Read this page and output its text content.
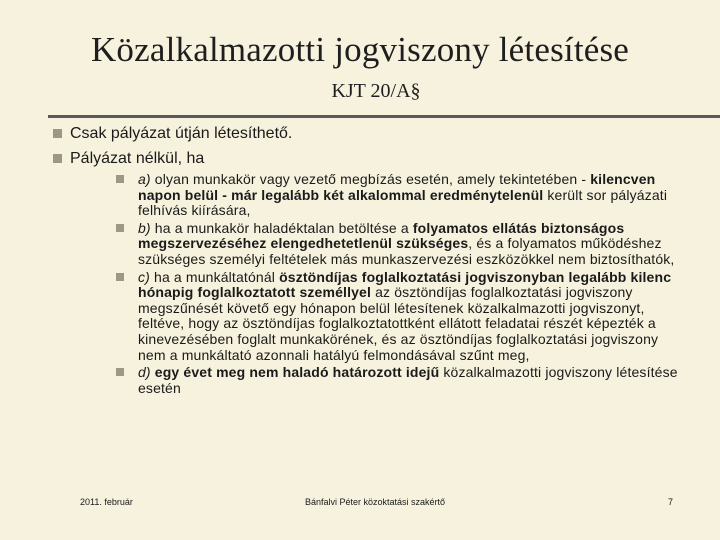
Közalkalmazotti jogviszony létesítése
KJT 20/A§
Csak pályázat útján létesíthető.
Pályázat nélkül, ha
a) olyan munkakör vagy vezető megbízás esetén, amely tekintetében - kilencven napon belül - már legalább két alkalommal eredménytelenül került sor pályázati felhívás kiírására,
b) ha a munkakör haladéktalan betöltése a folyamatos ellátás biztonságos megszervezéséhez elengedhetetlenül szükséges, és a folyamatos működéshez szükséges személyi feltételek más munkaszervezési eszközökkel nem biztosíthatók,
c) ha a munkáltatónál ösztöndíjas foglalkoztatási jogviszonyban legalább kilenc hónapig foglalkoztatott személlyel az ösztöndíjas foglalkoztatási jogviszony megszűnését követő egy hónapon belül létesítenek közalkalmazotti jogviszonyt, feltéve, hogy az ösztöndíjas foglalkoztatottként ellátott feladatai részét képezték a kinevezésében foglalt munkakörének, és az ösztöndíjas foglalkoztatási jogviszony nem a munkáltató azonnali hatályú felmondásával szűnt meg,
d) egy évet meg nem haladó határozott idejű közalkalmazotti jogviszony létesítése esetén
2011. február	Bánfalvi Péter közoktatási szakértő	7
